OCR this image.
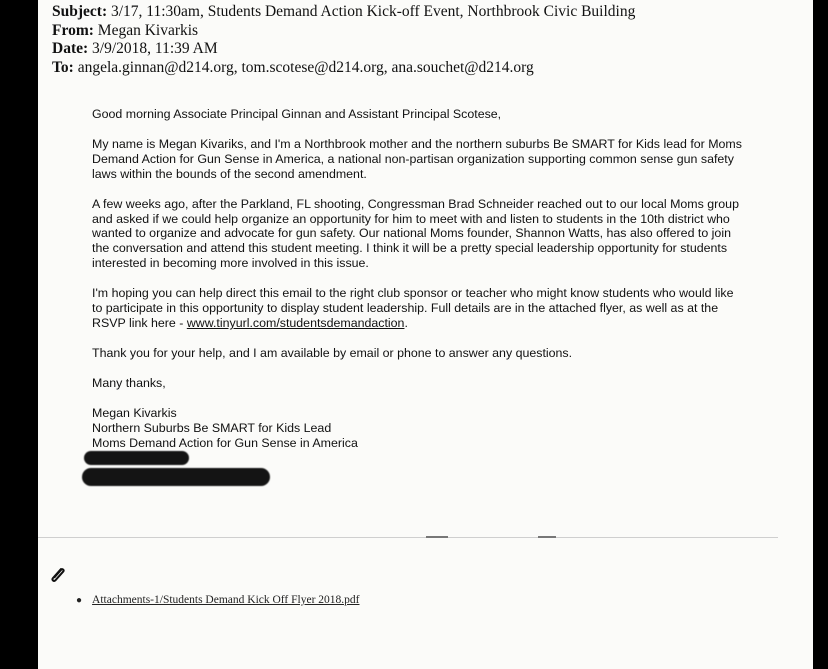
Subject: 3/17, 11:30am, Students Demand Action Kick-off Event, Northbrook Civic Building
From: Megan Kivarkis
Date: 3/9/2018, 11:39 AM
To: angela.ginnan@d214.org, tom.scotese@d214.org, ana.souchet@d214.org

Good morning Associate Principal Ginnan and Assistant Principal Scotese,

My name is Megan Kivariks, and I'm a Northbrook mother and the northern suburbs Be SMART for Kids lead for Moms Demand Action for Gun Sense in America, a national non-partisan organization supporting common sense gun safety laws within the bounds of the second amendment.

A few weeks ago, after the Parkland, FL shooting, Congressman Brad Schneider reached out to our local Moms group and asked if we could help organize an opportunity for him to meet with and listen to students in the 10th district who wanted to organize and advocate for gun safety. Our national Moms founder, Shannon Watts, has also offered to join the conversation and attend this student meeting. I think it will be a pretty special leadership opportunity for students interested in becoming more involved in this issue.

I'm hoping you can help direct this email to the right club sponsor or teacher who might know students who would like to participate in this opportunity to display student leadership. Full details are in the attached flyer, as well as at the RSVP link here - www.tinyurl.com/studentsdemandaction.

Thank you for your help, and I am available by email or phone to answer any questions.

Many thanks,

Megan Kivarkis
Northern Suburbs Be SMART for Kids Lead
Moms Demand Action for Gun Sense in America
● Attachments-1/Students Demand Kick Off Flyer 2018.pdf
